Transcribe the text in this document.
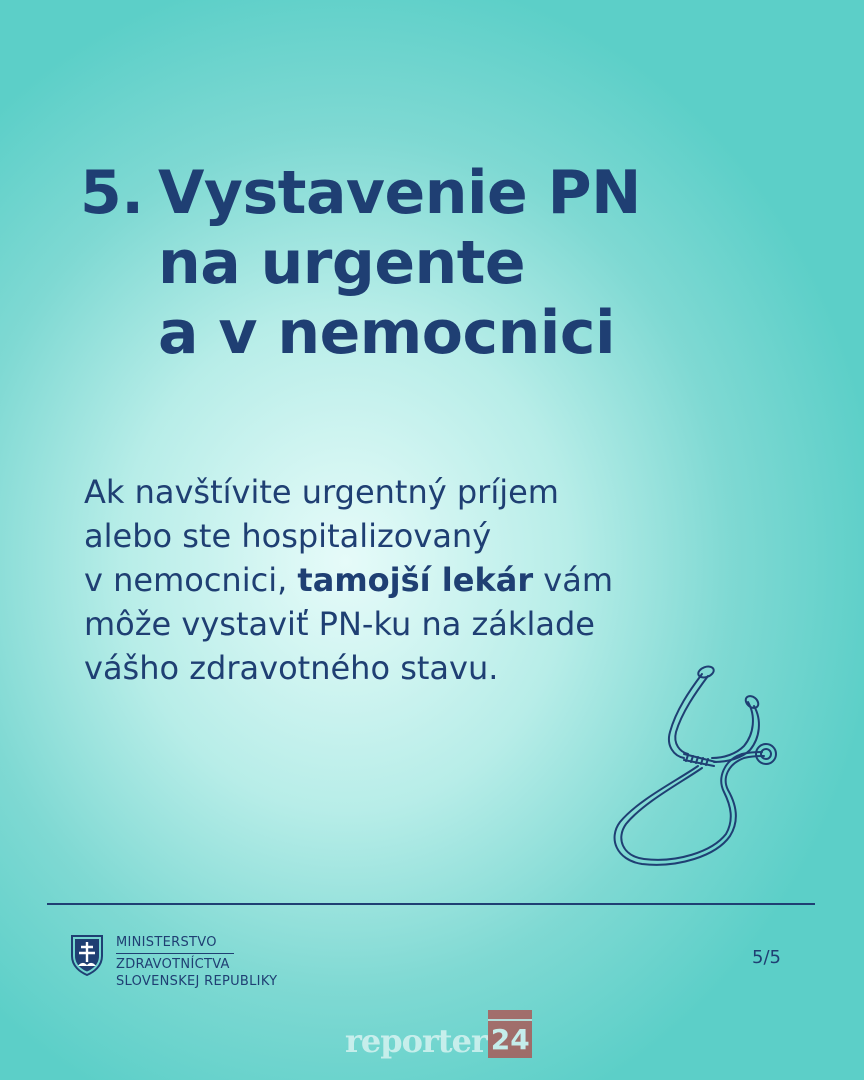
5. Vystavenie PN
na urgente
a v nemocnici

Ak navštívite urgentný príjem
alebo ste hospitalizovaný
v nemocnici, tamojší lekár vám
môže vystaviť PN-ku na základe
vášho zdravotného stavu.

MINISTERSTVO
ZDRAVOTNÍCTVA
SLOVENSKEJ REPUBLIKY
5/5
reporter 24
